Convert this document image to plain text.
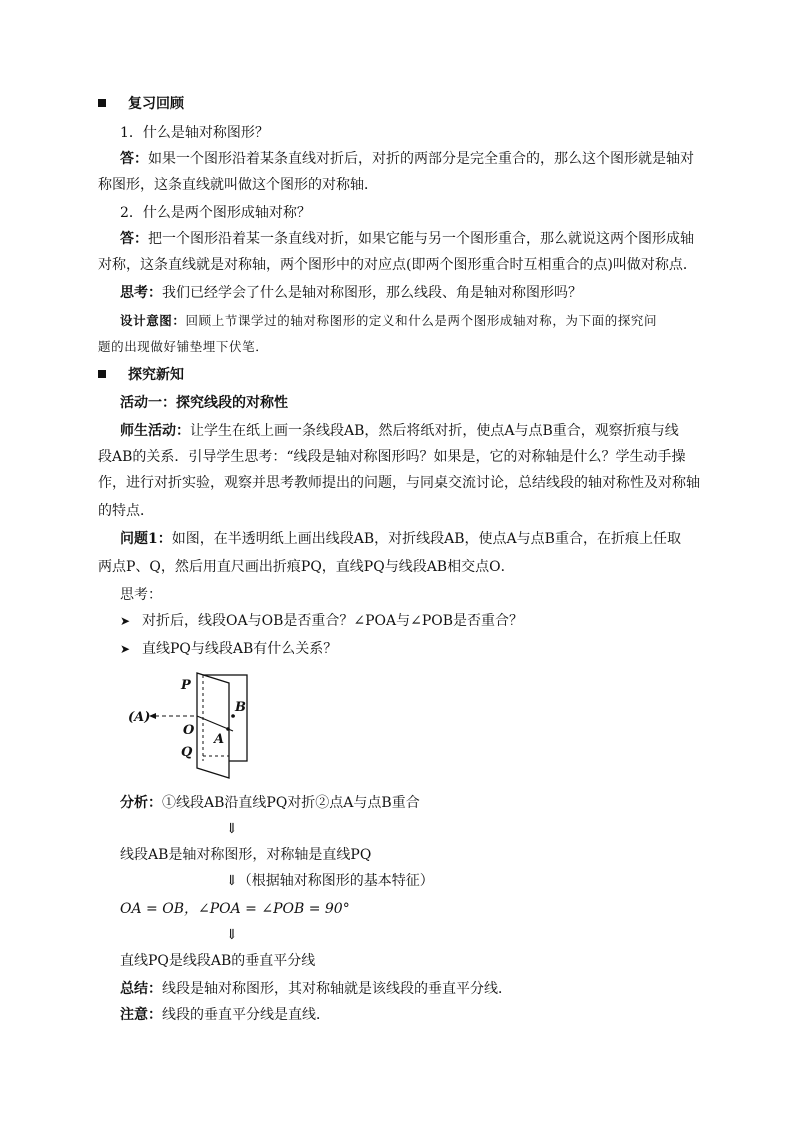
复习回顾
1．什么是轴对称图形？
答：如果一个图形沿着某条直线对折后，对折的两部分是完全重合的，那么这个图形就是轴对
称图形，这条直线就叫做这个图形的对称轴．
2．什么是两个图形成轴对称？
答：把一个图形沿着某一条直线对折，如果它能与另一个图形重合，那么就说这两个图形成轴
对称，这条直线就是对称轴，两个图形中的对应点(即两个图形重合时互相重合的点)叫做对称点．
思考：我们已经学会了什么是轴对称图形，那么线段、角是轴对称图形吗？
设计意图：回顾上节课学过的轴对称图形的定义和什么是两个图形成轴对称，为下面的探究问
题的出现做好铺垫埋下伏笔．
探究新知
活动一：探究线段的对称性
师生活动：让学生在纸上画一条线段AB，然后将纸对折，使点A与点B重合，观察折痕与线
段AB的关系．引导学生思考：“线段是轴对称图形吗？如果是，它的对称轴是什么？学生动手操
作，进行对折实验，观察并思考教师提出的问题，与同桌交流讨论，总结线段的轴对称性及对称轴
的特点．
问题1：如图，在半透明纸上画出线段AB，对折线段AB，使点A与点B重合，在折痕上任取
两点P、Q，然后用直尺画出折痕PQ，直线PQ与线段AB相交点O．
思考：
➤ 对折后，线段OA与OB是否重合？∠POA与∠POB是否重合？
➤ 直线PQ与线段AB有什么关系？
P
O
Q
A
B
(A)
分析：①线段AB沿直线PQ对折②点A与点B重合
⇓
线段AB是轴对称图形，对称轴是直线PQ
⇓（根据轴对称图形的基本特征）
OA = OB，∠POA = ∠POB = 90°
⇓
直线PQ是线段AB的垂直平分线
总结：线段是轴对称图形，其对称轴就是该线段的垂直平分线．
注意：线段的垂直平分线是直线．
